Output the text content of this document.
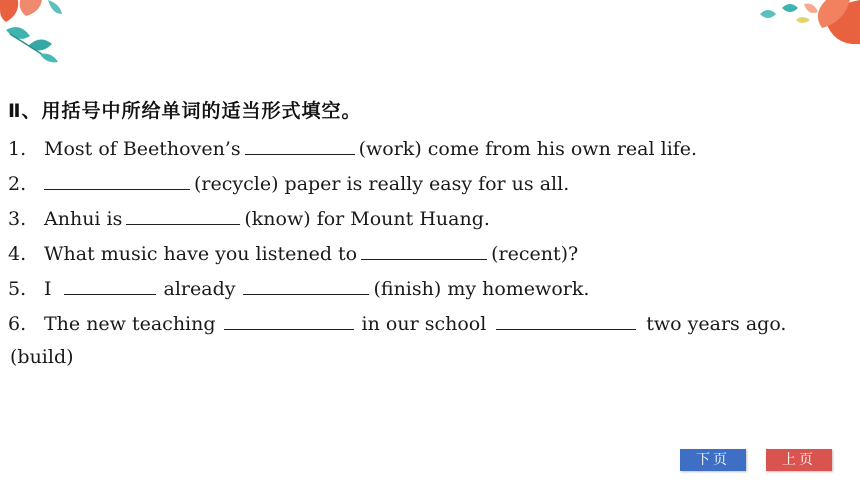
Ⅱ、用括号中所给单词的适当形式填空。
1. Most of Beethoven’s	(work) come from his own real life.
2.	(recycle) paper is really easy for us all.
3. Anhui is	(know) for Mount Huang.
4. What music have you listened to	(recent)?
5. I	already	(finish) my homework.
6. The new teaching	in our school	two years ago.
(build)
下页	上页
